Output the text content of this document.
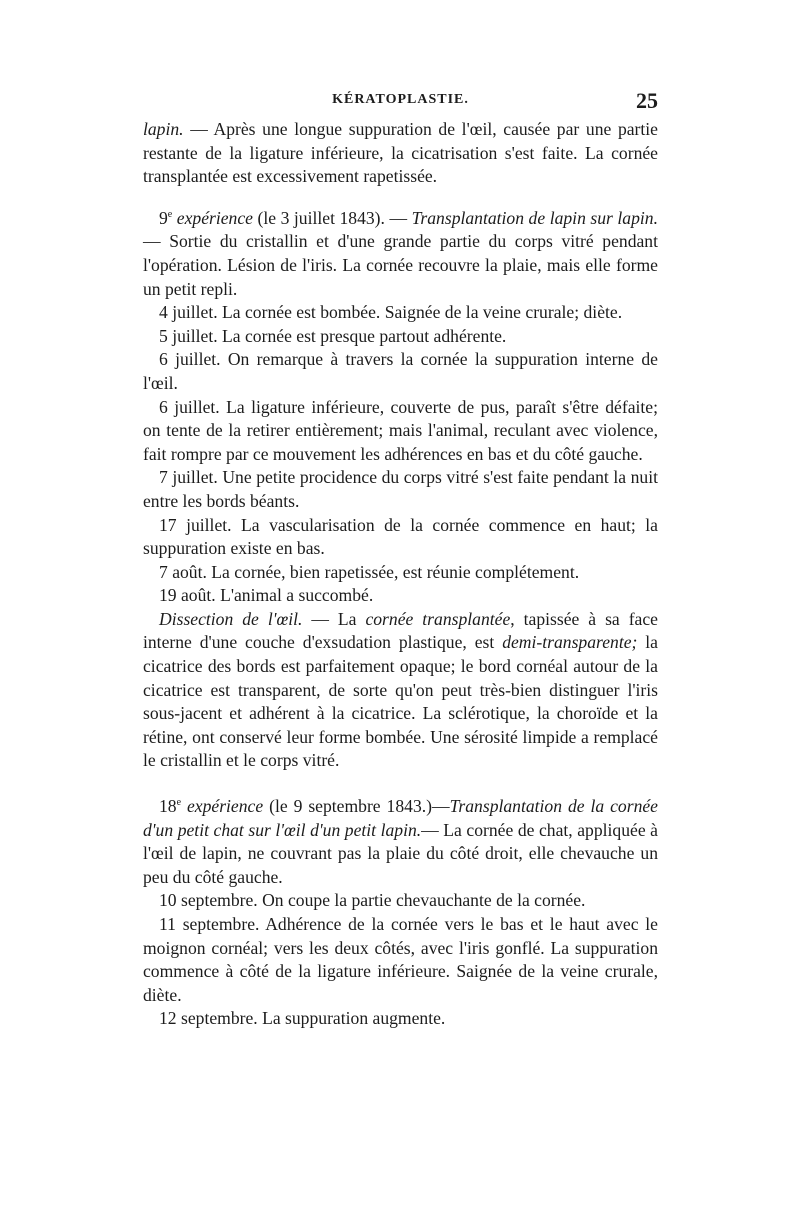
KÉRATOPLASTIE.	25

lapin. — Après une longue suppuration de l'œil, causée par une partie restante de la ligature inférieure, la cicatrisation s'est faite. La cornée transplantée est excessivement rapetissée.

9e expérience (le 3 juillet 1843). — Transplantation de lapin sur lapin. — Sortie du cristallin et d'une grande partie du corps vitré pendant l'opération. Lésion de l'iris. La cornée recouvre la plaie, mais elle forme un petit repli.

4 juillet. La cornée est bombée. Saignée de la veine crurale; diète.

5 juillet. La cornée est presque partout adhérente.

6 juillet. On remarque à travers la cornée la suppuration interne de l'œil.

6 juillet. La ligature inférieure, couverte de pus, paraît s'être défaite; on tente de la retirer entièrement; mais l'animal, reculant avec violence, fait rompre par ce mouvement les adhérences en bas et du côté gauche.

7 juillet. Une petite procidence du corps vitré s'est faite pendant la nuit entre les bords béants.

17 juillet. La vascularisation de la cornée commence en haut; la suppuration existe en bas.

7 août. La cornée, bien rapetissée, est réunie complétement.

19 août. L'animal a succombé.

Dissection de l'œil. — La cornée transplantée, tapissée à sa face interne d'une couche d'exsudation plastique, est demi-transparente; la cicatrice des bords est parfaitement opaque; le bord cornéal autour de la cicatrice est transparent, de sorte qu'on peut très-bien distinguer l'iris sous-jacent et adhérent à la cicatrice. La sclérotique, la choroïde et la rétine, ont conservé leur forme bombée. Une sérosité limpide a remplacé le cristallin et le corps vitré.

18e expérience (le 9 septembre 1843.)—Transplantation de la cornée d'un petit chat sur l'œil d'un petit lapin.— La cornée de chat, appliquée à l'œil de lapin, ne couvrant pas la plaie du côté droit, elle chevauche un peu du côté gauche.

10 septembre. On coupe la partie chevauchante de la cornée.

11 septembre. Adhérence de la cornée vers le bas et le haut avec le moignon cornéal; vers les deux côtés, avec l'iris gonflé. La suppuration commence à côté de la ligature inférieure. Saignée de la veine crurale, diète.

12 septembre. La suppuration augmente.
